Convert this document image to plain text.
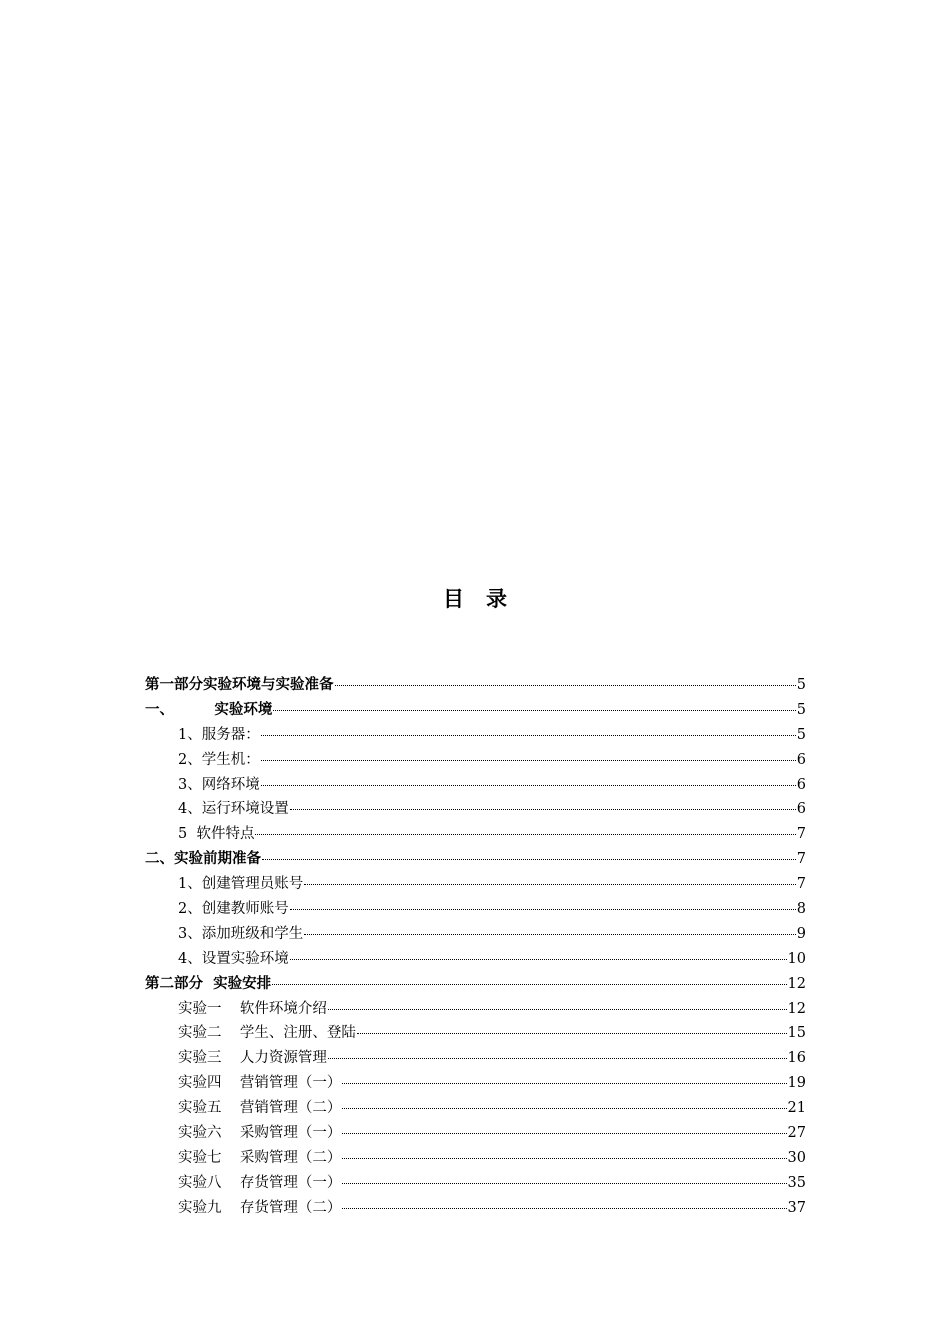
目录
第一部分实验环境与实验准备	5
一、        实验环境	5
1、服务器：	5
2、学生机：	6
3、网络环境	6
4、运行环境设置	6
5  软件特点	7
二、实验前期准备	7
1、创建管理员账号	7
2、创建教师账号	8
3、添加班级和学生	9
4、设置实验环境	10
第二部分  实验安排	12
实验一    软件环境介绍	12
实验二    学生、注册、登陆	15
实验三    人力资源管理	16
实验四    营销管理（一）	19
实验五    营销管理（二）	21
实验六    采购管理（一）	27
实验七    采购管理（二）	30
实验八    存货管理（一）	35
实验九    存货管理（二）	37
